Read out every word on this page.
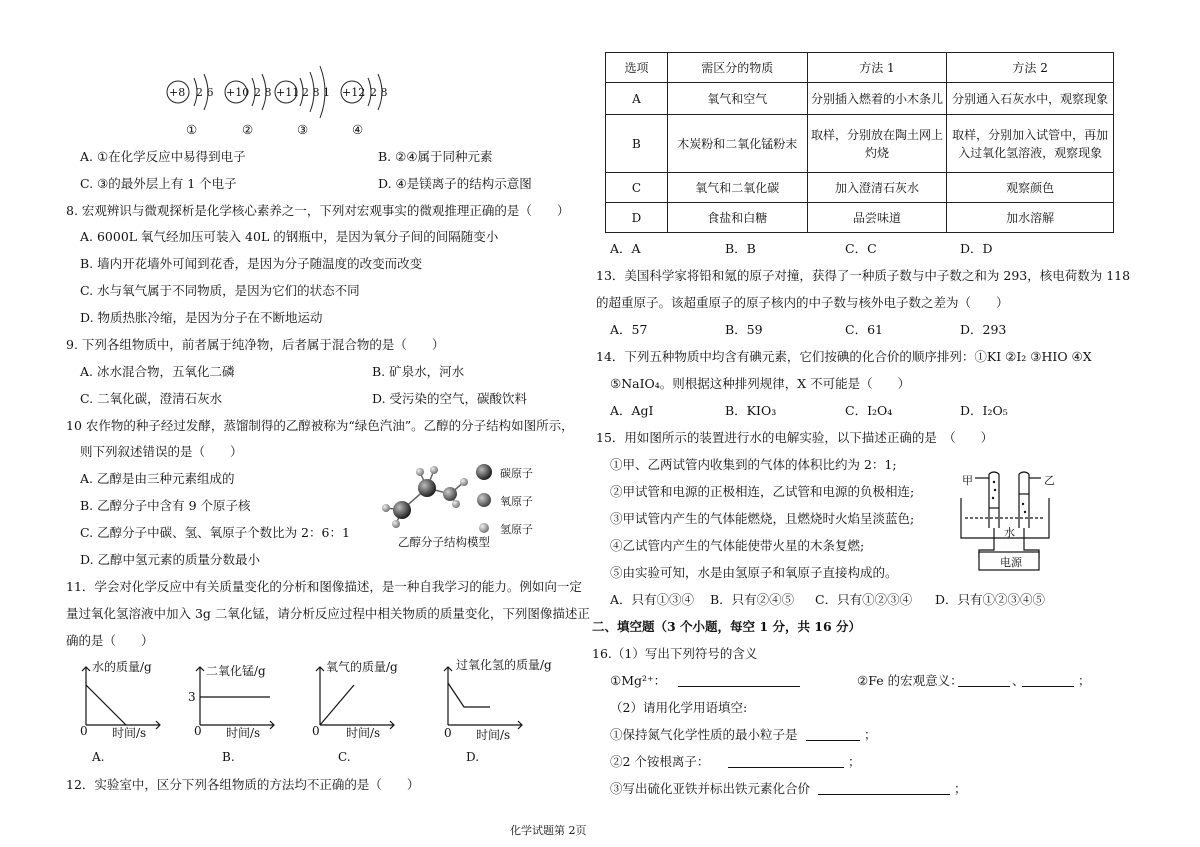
+8 2 6 +10 2 8 +11 2 8 1 +12 2 8
①	②	③	④
A. ①在化学反应中易得到电子	B. ②④属于同种元素
C. ③的最外层上有 1 个电子	D. ④是镁离子的结构示意图
8. 宏观辨识与微观探析是化学核心素养之一，下列对宏观事实的微观推理正确的是（　　）
A. 6000L 氧气经加压可装入 40L 的钢瓶中，是因为氧分子间的间隔随变小
B. 墙内开花墙外可闻到花香，是因为分子随温度的改变而改变
C. 水与氧气属于不同物质，是因为它们的状态不同
D. 物质热胀冷缩，是因为分子在不断地运动
9. 下列各组物质中，前者属于纯净物，后者属于混合物的是（　　）
A. 冰水混合物，五氧化二磷	B. 矿泉水，河水
C. 二氧化碳，澄清石灰水	D. 受污染的空气，碳酸饮料
10 农作物的种子经过发酵，蒸馏制得的乙醇被称为“绿色汽油”。乙醇的分子结构如图所示，
则下列叙述错误的是（　　）
A. 乙醇是由三种元素组成的
B. 乙醇分子中含有 9 个原子核
C. 乙醇分子中碳、氢、氧原子个数比为 2：6：1
D. 乙醇中氢元素的质量分数最小
乙醇分子结构模型
碳原子
氧原子
氢原子
11．学会对化学反应中有关质量变化的分析和图像描述，是一种自我学习的能力。例如向一定
量过氧化氢溶液中加入 3g 二氧化锰，请分析反应过程中相关物质的质量变化，下列图像描述正
确的是（　　）
水的质量/g
0 时间/s
A.
二氧化锰/g
3
0 时间/s
B.
氧气的质量/g
0 时间/s
C.
过氧化氢的质量/g
0 时间/s
D.
12．实验室中，区分下列各组物质的方法均不正确的是（　　）
选项	需区分的物质	方法 1	方法 2
A	氧气和空气	分别插入燃着的小木条儿	分别通入石灰水中，观察现象
B	木炭粉和二氧化锰粉末	取样，分别放在陶土网上灼烧	取样，分别加入试管中，再加入过氧化氢溶液，观察现象
C	氧气和二氧化碳	加入澄清石灰水	观察颜色
D	食盐和白糖	品尝味道	加水溶解
A．A	B．B	C．C	D．D
13．美国科学家将铅和氪的原子对撞，获得了一种质子数与中子数之和为 293，核电荷数为 118
的超重原子。该超重原子的原子核内的中子数与核外电子数之差为（　　）
A．57	B．59	C．61	D．293
14．下列五种物质中均含有碘元素，它们按碘的化合价的顺序排列：①KI ②I₂ ③HIO ④X
⑤NaIO₄。则根据这种排列规律，X 不可能是（　　）
A．AgI	B．KIO₃	C．I₂O₄	D．I₂O₅
15．用如图所示的装置进行水的电解实验，以下描述正确的是　（　　）
①甲、乙两试管内收集到的气体的体积比约为 2：1;
②甲试管和电源的正极相连，乙试管和电源的负极相连;
③甲试管内产生的气体能燃烧，且燃烧时火焰呈淡蓝色;
④乙试管内产生的气体能使带火星的木条复燃;
⑤由实验可知，水是由氢原子和氧原子直接构成的。
A．只有①③④ B．只有②④⑤ C．只有①②③④ D．只有①②③④⑤
甲	乙
水
电源
二、填空题（3 个小题，每空 1 分，共 16 分）
16.（1）写出下列符号的含义
①Mg²⁺：	②Fe 的宏观意义：	、	；
（2）请用化学用语填空:
①保持氮气化学性质的最小粒子是	；
②2 个铵根离子：	；
③写出硫化亚铁并标出铁元素化合价	；
化学试题第 2页
